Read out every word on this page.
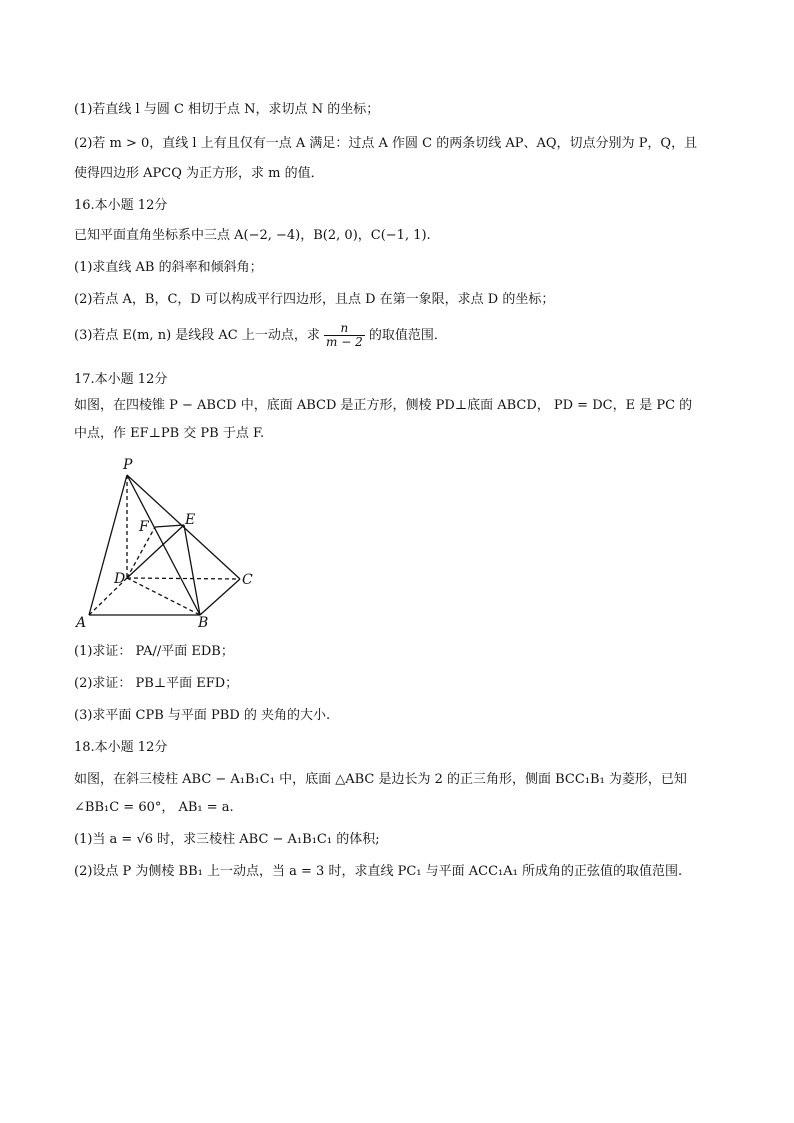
(1)若直线 l 与圆 C 相切于点 N，求切点 N 的坐标；
(2)若 m > 0，直线 l 上有且仅有一点 A 满足：过点 A 作圆 C 的两条切线 AP、AQ，切点分别为 P，Q，且
使得四边形 APCQ 为正方形，求 m 的值．
16.本小题 12分
已知平面直角坐标系中三点 A(−2, −4)，B(2, 0)，C(−1, 1).
(1)求直线 AB 的斜率和倾斜角；
(2)若点 A，B，C，D 可以构成平行四边形，且点 D 在第一象限，求点 D 的坐标；
(3)若点 E(m, n) 是线段 AC 上一动点，求 $\frac{n}{m - 2}$ 的取值范围．
17.本小题 12分
如图，在四棱锥 P − ABCD 中，底面 ABCD 是正方形，侧棱 PD⊥底面 ABCD， PD = DC，E 是 PC 的
中点，作 EF⊥PB 交 PB 于点 F.
P
F	E
D	C
A	B
(1)求证： PA//平面 EDB；
(2)求证： PB⊥平面 EFD；
(3)求平面 CPB 与平面 PBD 的 夹角的大小.
18.本小题 12分
如图，在斜三棱柱 ABC − A₁B₁C₁ 中，底面 △ABC 是边长为 2 的正三角形，侧面 BCC₁B₁ 为菱形，已知
∠BB₁C = 60°， AB₁ = a.
(1)当 a = √6 时，求三棱柱 ABC − A₁B₁C₁ 的体积;
(2)设点 P 为侧棱 BB₁ 上一动点，当 a = 3 时，求直线 PC₁ 与平面 ACC₁A₁ 所成角的正弦值的取值范围.
